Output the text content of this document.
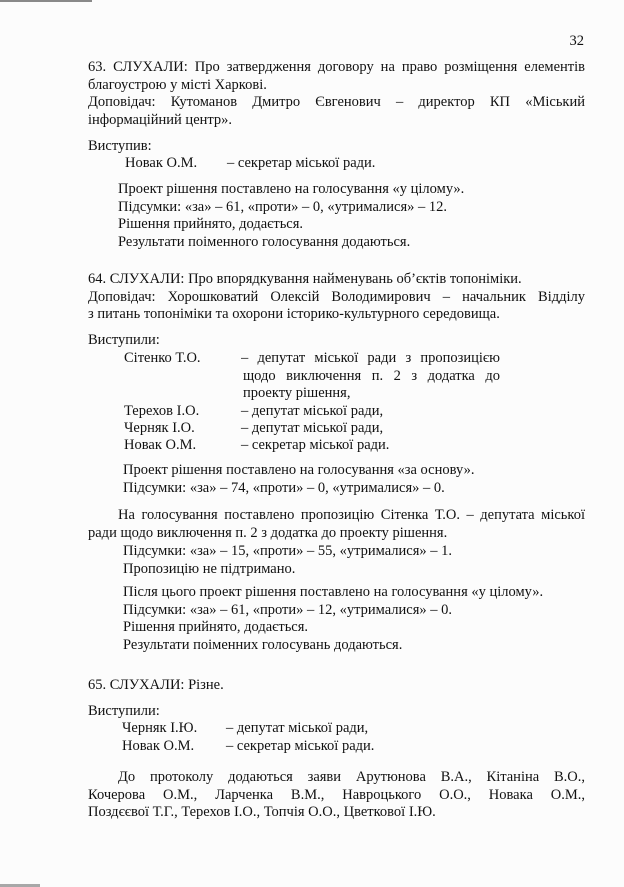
32
63. СЛУХАЛИ: Про затвердження договору на право розміщення елементів
благоустрою у місті Харкові.
Доповідач: Кутоманов Дмитро Євгенович – директор КП «Міський
інформаційний центр».
Виступив:
Новак О.М. – секретар міської ради.
Проект рішення поставлено на голосування «у цілому».
Підсумки: «за» – 61, «проти» – 0, «утрималися» – 12.
Рішення прийнято, додається.
Результати поіменного голосування додаються.
64. СЛУХАЛИ: Про впорядкування найменувань об’єктів топоніміки.
Доповідач: Хорошковатий Олексій Володимирович – начальник Відділу
з питань топоніміки та охорони історико-культурного середовища.
Виступили:
Сітенко Т.О.	– депутат міської ради з пропозицією
щодо виключення п. 2 з додатка до
проекту рішення,
Терехов І.О.	– депутат міської ради,
Черняк І.О.	– депутат міської ради,
Новак О.М.	– секретар міської ради.
Проект рішення поставлено на голосування «за основу».
Підсумки: «за» – 74, «проти» – 0, «утрималися» – 0.
На голосування поставлено пропозицію Сітенка Т.О. – депутата міської
ради щодо виключення п. 2 з додатка до проекту рішення.
Підсумки: «за» – 15, «проти» – 55, «утрималися» – 1.
Пропозицію не підтримано.
Після цього проект рішення поставлено на голосування «у цілому».
Підсумки: «за» – 61, «проти» – 12, «утрималися» – 0.
Рішення прийнято, додається.
Результати поіменних голосувань додаються.
65. СЛУХАЛИ: Різне.
Виступили:
Черняк І.Ю. – депутат міської ради,
Новак О.М. – секретар міської ради.
До протоколу додаються заяви Арутюнова В.А., Кітаніна В.О.,
Кочерова О.М., Ларченка В.М., Навроцького О.О., Новака О.М.,
Поздєєвої Т.Г., Терехов І.О., Топчія О.О., Цветкової І.Ю.
